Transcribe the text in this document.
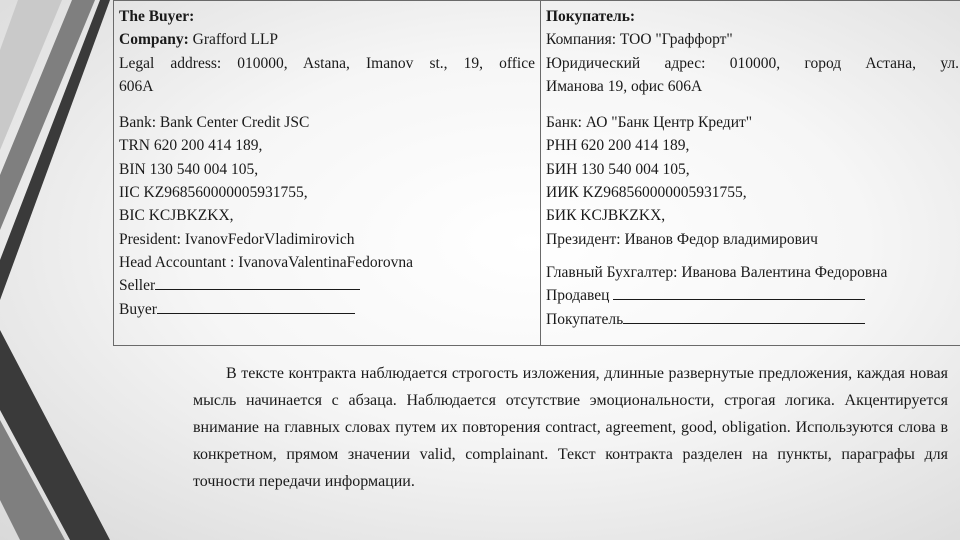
The Buyer:
Company: Grafford LLP
Legal address: 010000, Astana, Imanov st., 19, office
606A
Bank: Bank Center Credit JSC
TRN 620 200 414 189,
BIN 130 540 004 105,
IIC KZ968560000005931755,
BIC KCJBKZKX,
President: IvanovFedorVladimirovich
Head Accountant : IvanovaValentinaFedorovna
Seller
Buyer

Покупатель:
Компания: ТОО "Граффорт"
Юридический адрес: 010000, город Астана, ул.
Иманова 19, офис 606А
Банк: АО "Банк Центр Кредит"
РНН 620 200 414 189,
БИН 130 540 004 105,
ИИК KZ968560000005931755,
БИК KCJBKZKX,
Президент: Иванов Федор владимирович
Главный Бухгалтер: Иванова Валентина Федоровна
Продавец
Покупатель

В тексте контракта наблюдается строгость изложения, длинные развернутые предложения, каждая новая мысль начинается с абзаца. Наблюдается отсутствие эмоциональности, строгая логика. Акцентируется внимание на главных словах путем их повторения contract, agreement, good, obligation. Используются слова в конкретном, прямом значении valid, complainant. Текст контракта разделен на пункты, параграфы для точности передачи информации.
